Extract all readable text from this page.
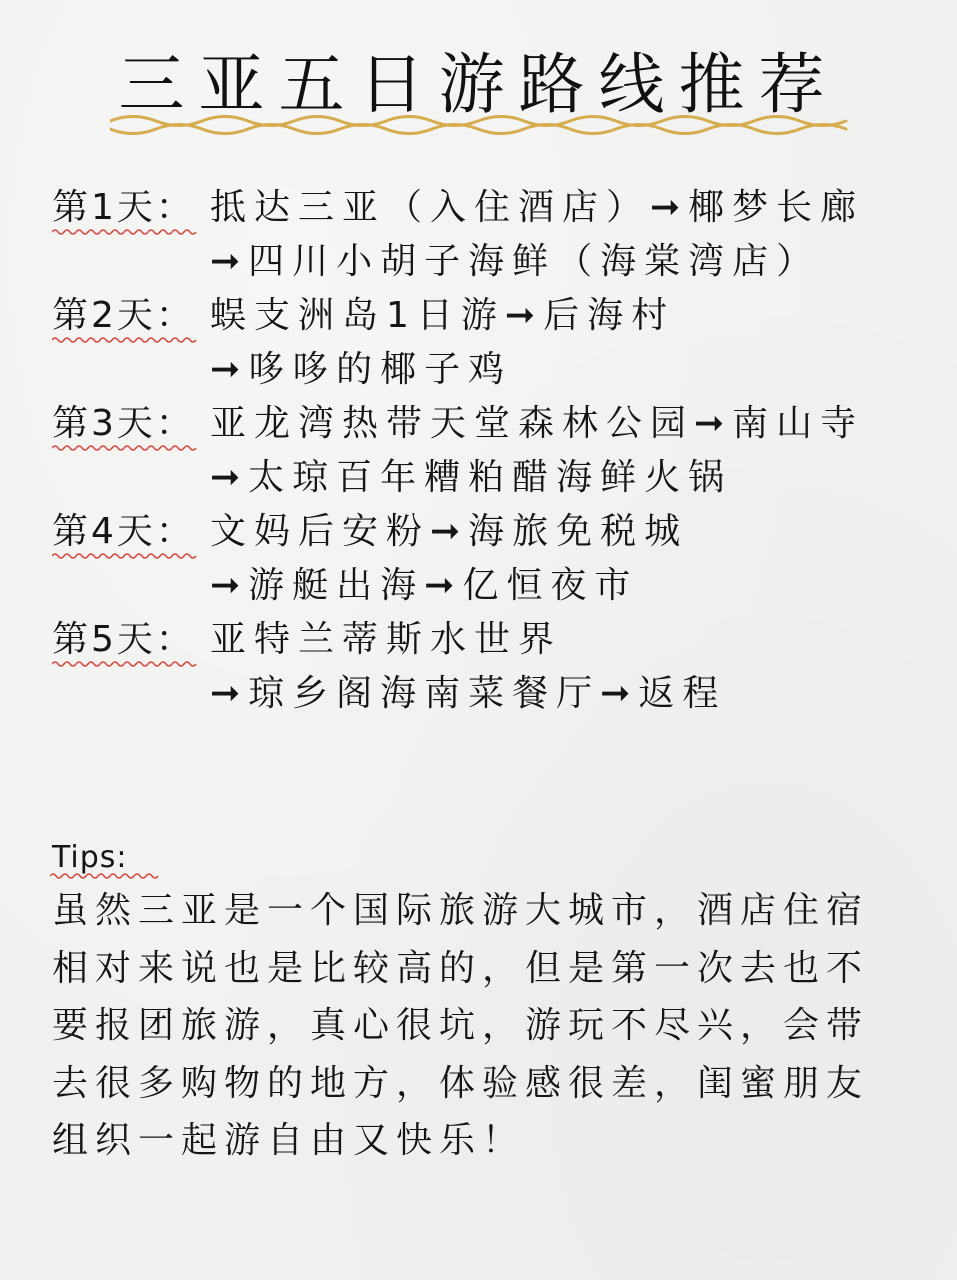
三亚五日游路线推荐
第1天： 抵达三亚（入住酒店）➞椰梦长廊
➞四川小胡子海鲜（海棠湾店）
第2天： 蜈支洲岛1日游➞后海村
➞哆哆的椰子鸡
第3天： 亚龙湾热带天堂森林公园➞南山寺
➞太琼百年糟粕醋海鲜火锅
第4天： 文妈后安粉➞海旅免税城
➞游艇出海➞亿恒夜市
第5天： 亚特兰蒂斯水世界
➞琼乡阁海南菜餐厅➞返程
Tips:
虽然三亚是一个国际旅游大城市，酒店住宿
相对来说也是比较高的，但是第一次去也不
要报团旅游，真心很坑，游玩不尽兴，会带
去很多购物的地方，体验感很差，闺蜜朋友
组织一起游自由又快乐！
